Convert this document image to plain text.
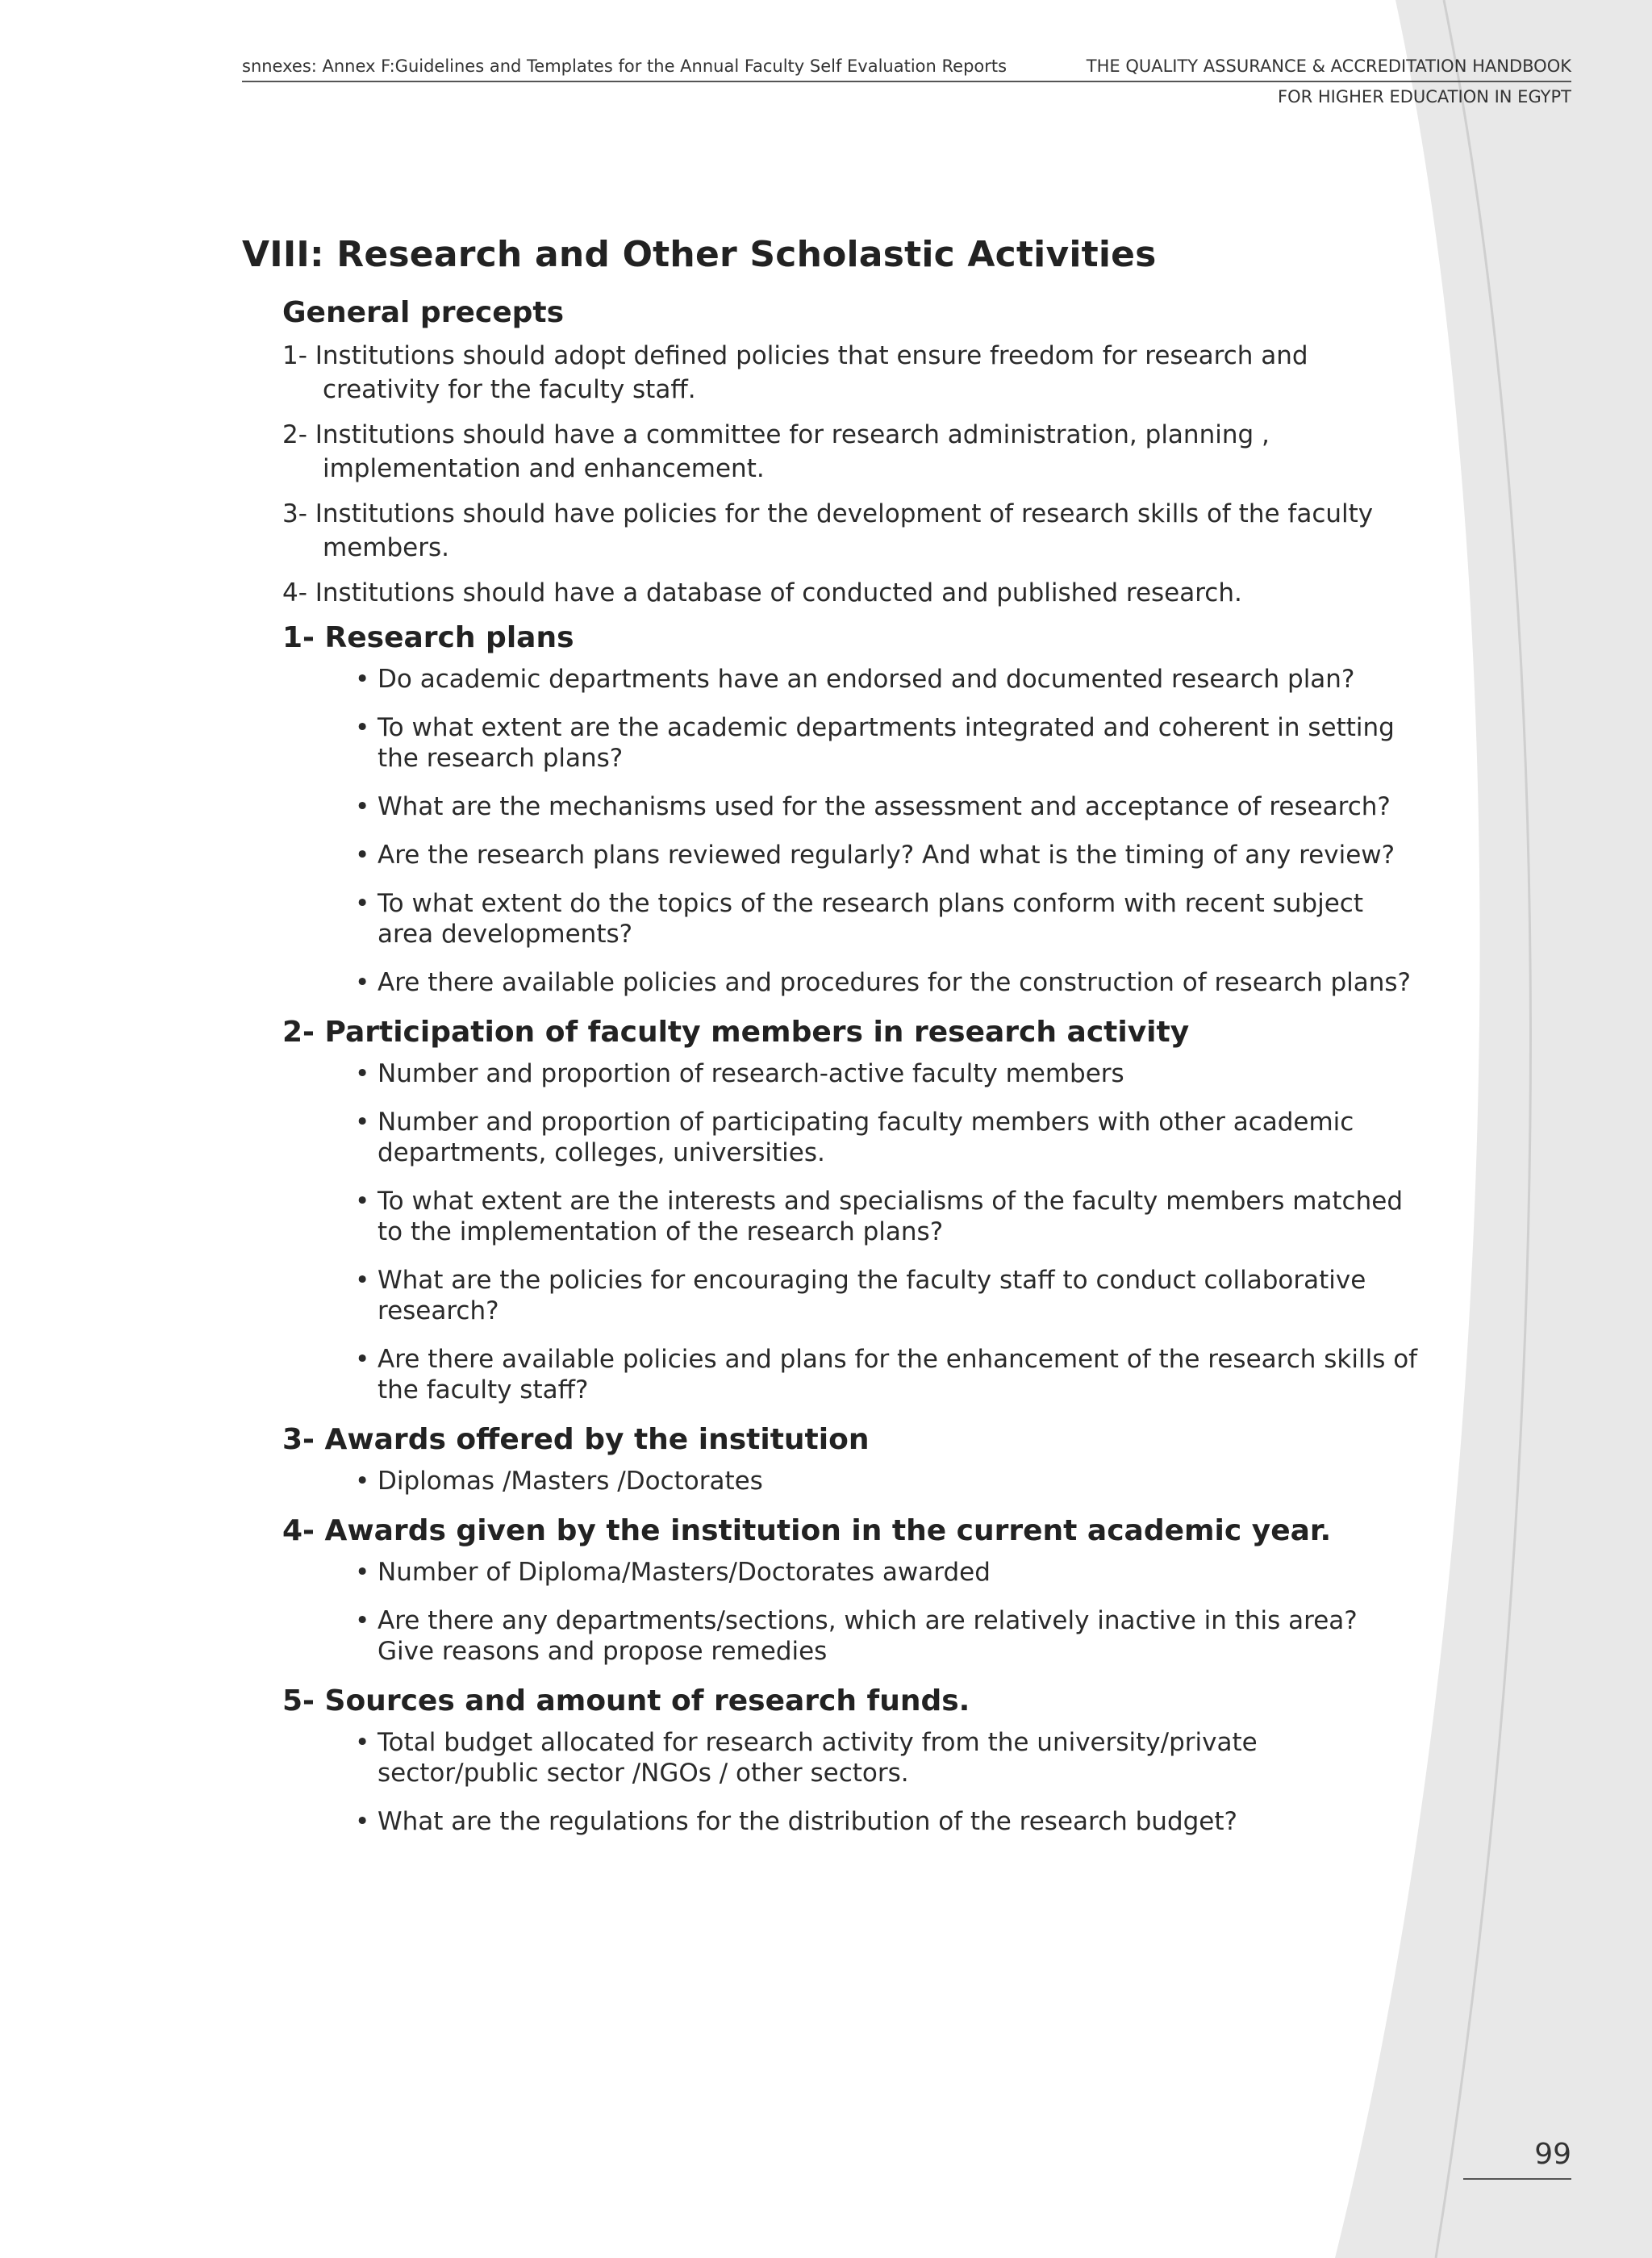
snnexes: Annex F:Guidelines and Templates for the Annual Faculty Self Evaluation Reports	THE QUALITY ASSURANCE & ACCREDITATION HANDBOOK
FOR HIGHER EDUCATION IN EGYPT
VIII: Research and Other Scholastic Activities
General precepts

1- Institutions should adopt defined policies that ensure freedom for research and creativity for the faculty staff.

2- Institutions should have a committee for research administration, planning , implementation and enhancement.

3- Institutions should have policies for the development of research skills of the faculty members.

4- Institutions should have a database of conducted and published research.

1- Research plans
• Do academic departments have an endorsed and documented research plan?
• To what extent are the academic departments integrated and coherent in setting the research plans?
• What are the mechanisms used for the assessment and acceptance of research?
• Are the research plans reviewed regularly? And what is the timing of any review?
• To what extent do the topics of the research plans conform with recent subject area developments?
• Are there available policies and procedures for the construction of research plans?
2- Participation of faculty members in research activity
• Number and proportion of research-active faculty members
• Number and proportion of participating faculty members with other academic departments, colleges, universities.
• To what extent are the interests and specialisms of the faculty members matched to the implementation of the research plans?
• What are the policies for encouraging the faculty staff to conduct collaborative research?
• Are there available policies and plans for the enhancement of the research skills of the faculty staff?
3- Awards offered by the institution
• Diplomas /Masters /Doctorates
4- Awards given by the institution in the current academic year.
• Number of Diploma/Masters/Doctorates awarded
• Are there any departments/sections, which are relatively inactive in this area? Give reasons and propose remedies
5- Sources and amount of research funds.
• Total budget allocated for research activity from the university/private sector/public sector /NGOs / other sectors.
• What are the regulations for the distribution of the research budget?
99
